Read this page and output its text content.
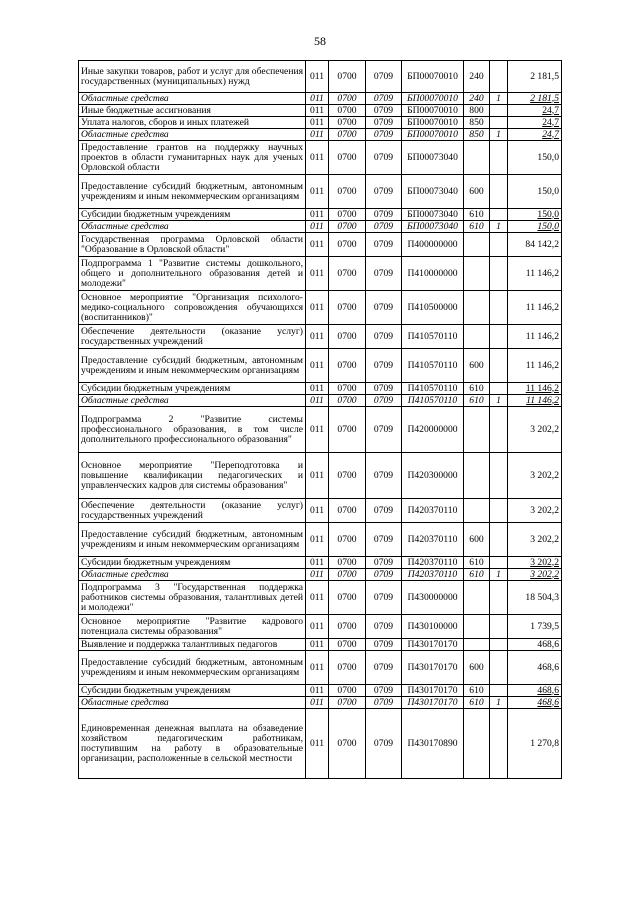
58
Иные закупки товаров, работ и услуг для обеспечения государственных (муниципальных) нужд	011	0700	0709	БП00070010	240		2 181,5
Областные средства	011	0700	0709	БП00070010	240	1	2 181,5
Иные бюджетные ассигнования	011	0700	0709	БП00070010	800		24,7
Уплата налогов, сборов и иных платежей	011	0700	0709	БП00070010	850		24,7
Областные средства	011	0700	0709	БП00070010	850	1	24,7
Предоставление грантов на поддержку научных проектов в области гуманитарных наук для ученых Орловской области	011	0700	0709	БП00073040			150,0
Предоставление субсидий бюджетным, автономным учреждениям и иным некоммерческим организациям	011	0700	0709	БП00073040	600		150,0
Субсидии бюджетным учреждениям	011	0700	0709	БП00073040	610		150,0
Областные средства	011	0700	0709	БП00073040	610	1	150,0
Государственная программа Орловской области "Образование в Орловской области"	011	0700	0709	П400000000			84 142,2
Подпрограмма 1 "Развитие системы дошкольного, общего и дополнительного образования детей и молодежи"	011	0700	0709	П410000000			11 146,2
Основное мероприятие "Организация психолого-медико-социального сопровождения обучающихся (воспитанников)"	011	0700	0709	П410500000			11 146,2
Обеспечение деятельности (оказание услуг) государственных учреждений	011	0700	0709	П410570110			11 146,2
Предоставление субсидий бюджетным, автономным учреждениям и иным некоммерческим организациям	011	0700	0709	П410570110	600		11 146,2
Субсидии бюджетным учреждениям	011	0700	0709	П410570110	610		11 146,2
Областные средства	011	0700	0709	П410570110	610	1	11 146,2
Подпрограмма 2 "Развитие системы профессионального образования, в том числе дополнительного профессионального образования"	011	0700	0709	П420000000			3 202,2
Основное мероприятие "Переподготовка и повышение квалификации педагогических и управленческих кадров для системы образования"	011	0700	0709	П420300000			3 202,2
Обеспечение деятельности (оказание услуг) государственных учреждений	011	0700	0709	П420370110			3 202,2
Предоставление субсидий бюджетным, автономным учреждениям и иным некоммерческим организациям	011	0700	0709	П420370110	600		3 202,2
Субсидии бюджетным учреждениям	011	0700	0709	П420370110	610		3 202,2
Областные средства	011	0700	0709	П420370110	610	1	3 202,2
Подпрограмма 3 "Государственная поддержка работников системы образования, талантливых детей и молодежи"	011	0700	0709	П430000000			18 504,3
Основное мероприятие "Развитие кадрового потенциала системы образования"	011	0700	0709	П430100000			1 739,5
Выявление и поддержка талантливых педагогов	011	0700	0709	П430170170			468,6
Предоставление субсидий бюджетным, автономным учреждениям и иным некоммерческим организациям	011	0700	0709	П430170170	600		468,6
Субсидии бюджетным учреждениям	011	0700	0709	П430170170	610		468,6
Областные средства	011	0700	0709	П430170170	610	1	468,6
Единовременная денежная выплата на обзаведение хозяйством педагогическим работникам, поступившим на работу в образовательные организации, расположенные в сельской местности	011	0700	0709	П430170890			1 270,8
